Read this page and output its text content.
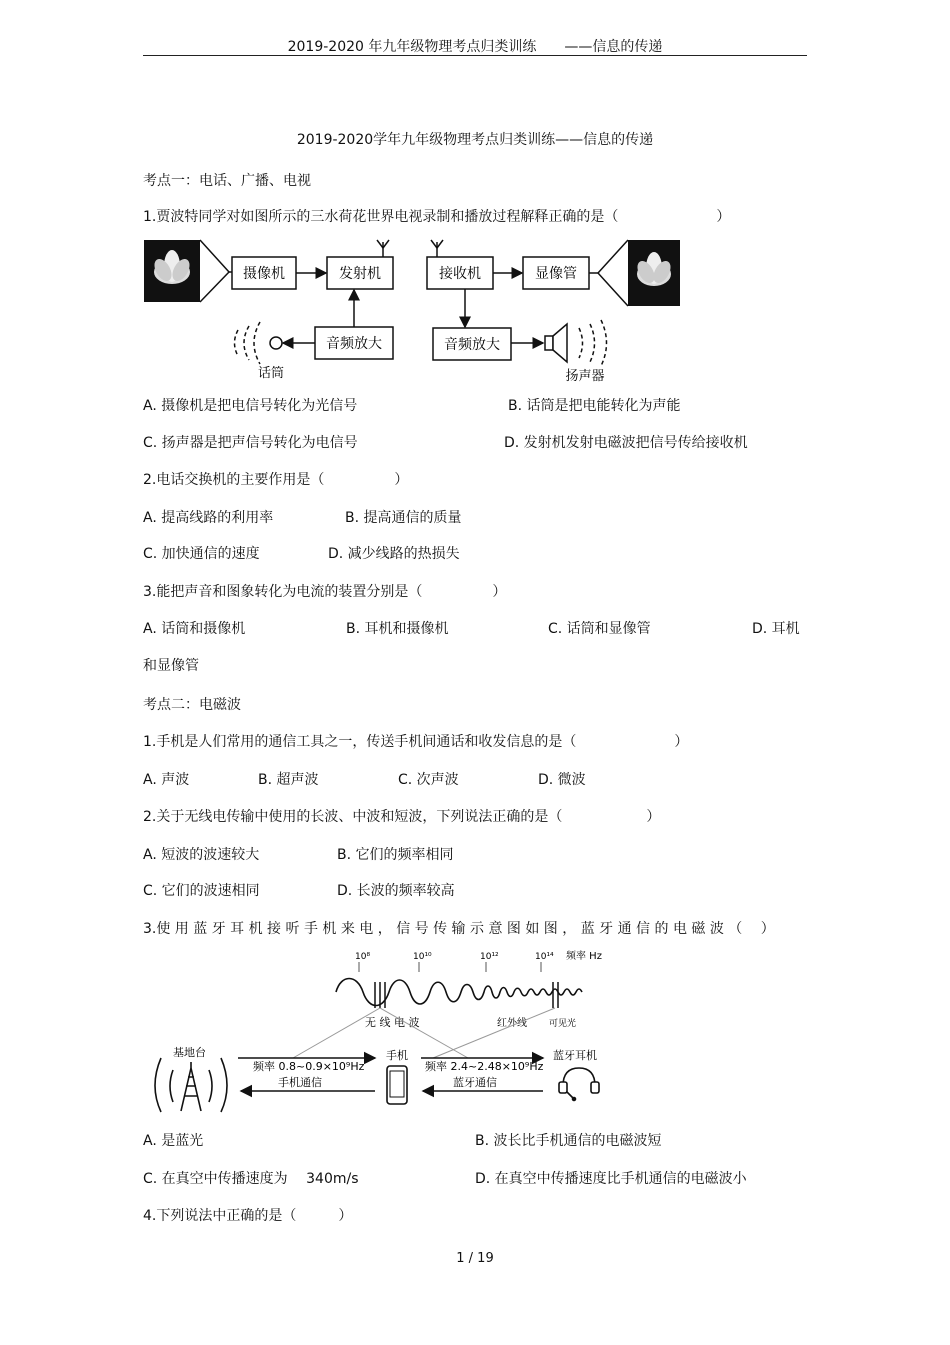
2019-2020 年九年级物理考点归类训练　　——信息的传递
2019-2020学年九年级物理考点归类训练——信息的传递
考点一：电话、广播、电视
1.贾波特同学对如图所示的三水荷花世界电视录制和播放过程解释正确的是（　　　　　　　）
摄像机	发射机	接收机	显像管
音频放大
话筒
音频放大
扬声器
A. 摄像机是把电信号转化为光信号	B. 话筒是把电能转化为声能
C. 扬声器是把声信号转化为电信号	D. 发射机发射电磁波把信号传给接收机
2.电话交换机的主要作用是（　　　　　）
A. 提高线路的利用率	B. 提高通信的质量
C. 加快通信的速度	D. 减少线路的热损失
3.能把声音和图象转化为电流的装置分别是（　　　　　）
A. 话筒和摄像机	B. 耳机和摄像机	C. 话筒和显像管	D. 耳机
和显像管
考点二：电磁波
1.手机是人们常用的通信工具之一，传送手机间通话和收发信息的是（　　　　　　　）
A. 声波	B. 超声波	C. 次声波	D. 微波
2.关于无线电传输中使用的长波、中波和短波，下列说法正确的是（　　　　　　）
A. 短波的波速较大	B. 它们的频率相同
C. 它们的波速相同	D. 长波的频率较高
3.使 用 蓝 牙 耳 机 接 听 手 机 来 电 ， 信 号 传 输 示 意 图 如 图 ， 蓝 牙 通 信 的 电 磁 波 （　 ）
10⁸	10¹⁰	10¹²	10¹⁴ 频率 Hz
无 线 电 波	红外线 可见光
基地台
频率 0.8~0.9×10⁹Hz
手机通信
手机
频率 2.4~2.48×10⁹Hz
蓝牙通信
蓝牙耳机
A. 是蓝光	B. 波长比手机通信的电磁波短
C. 在真空中传播速度为　 340m/s	D. 在真空中传播速度比手机通信的电磁波小
4.下列说法中正确的是（　　　）
1 / 19
